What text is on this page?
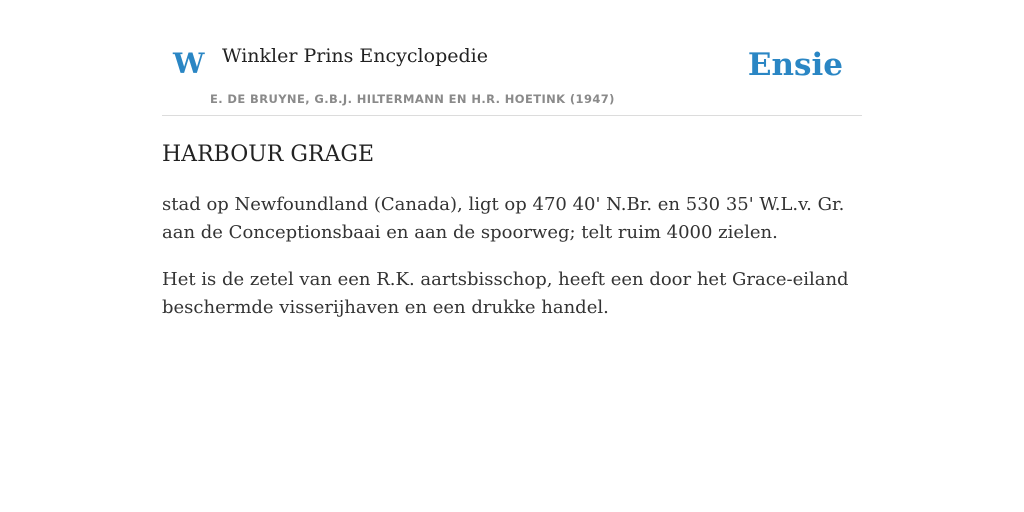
W Winkler Prins Encyclopedie
E. DE BRUYNE, G.B.J. HILTERMANN EN H.R. HOETINK (1947)
Ensie
HARBOUR GRAGE

stad op Newfoundland (Canada), ligt op 470 40' N.Br. en 530 35' W.L.v. Gr. aan de Conceptionsbaai en aan de spoorweg; telt ruim 4000 zielen.

Het is de zetel van een R.K. aartsbisschop, heeft een door het Grace-eiland beschermde visserijhaven en een drukke handel.
